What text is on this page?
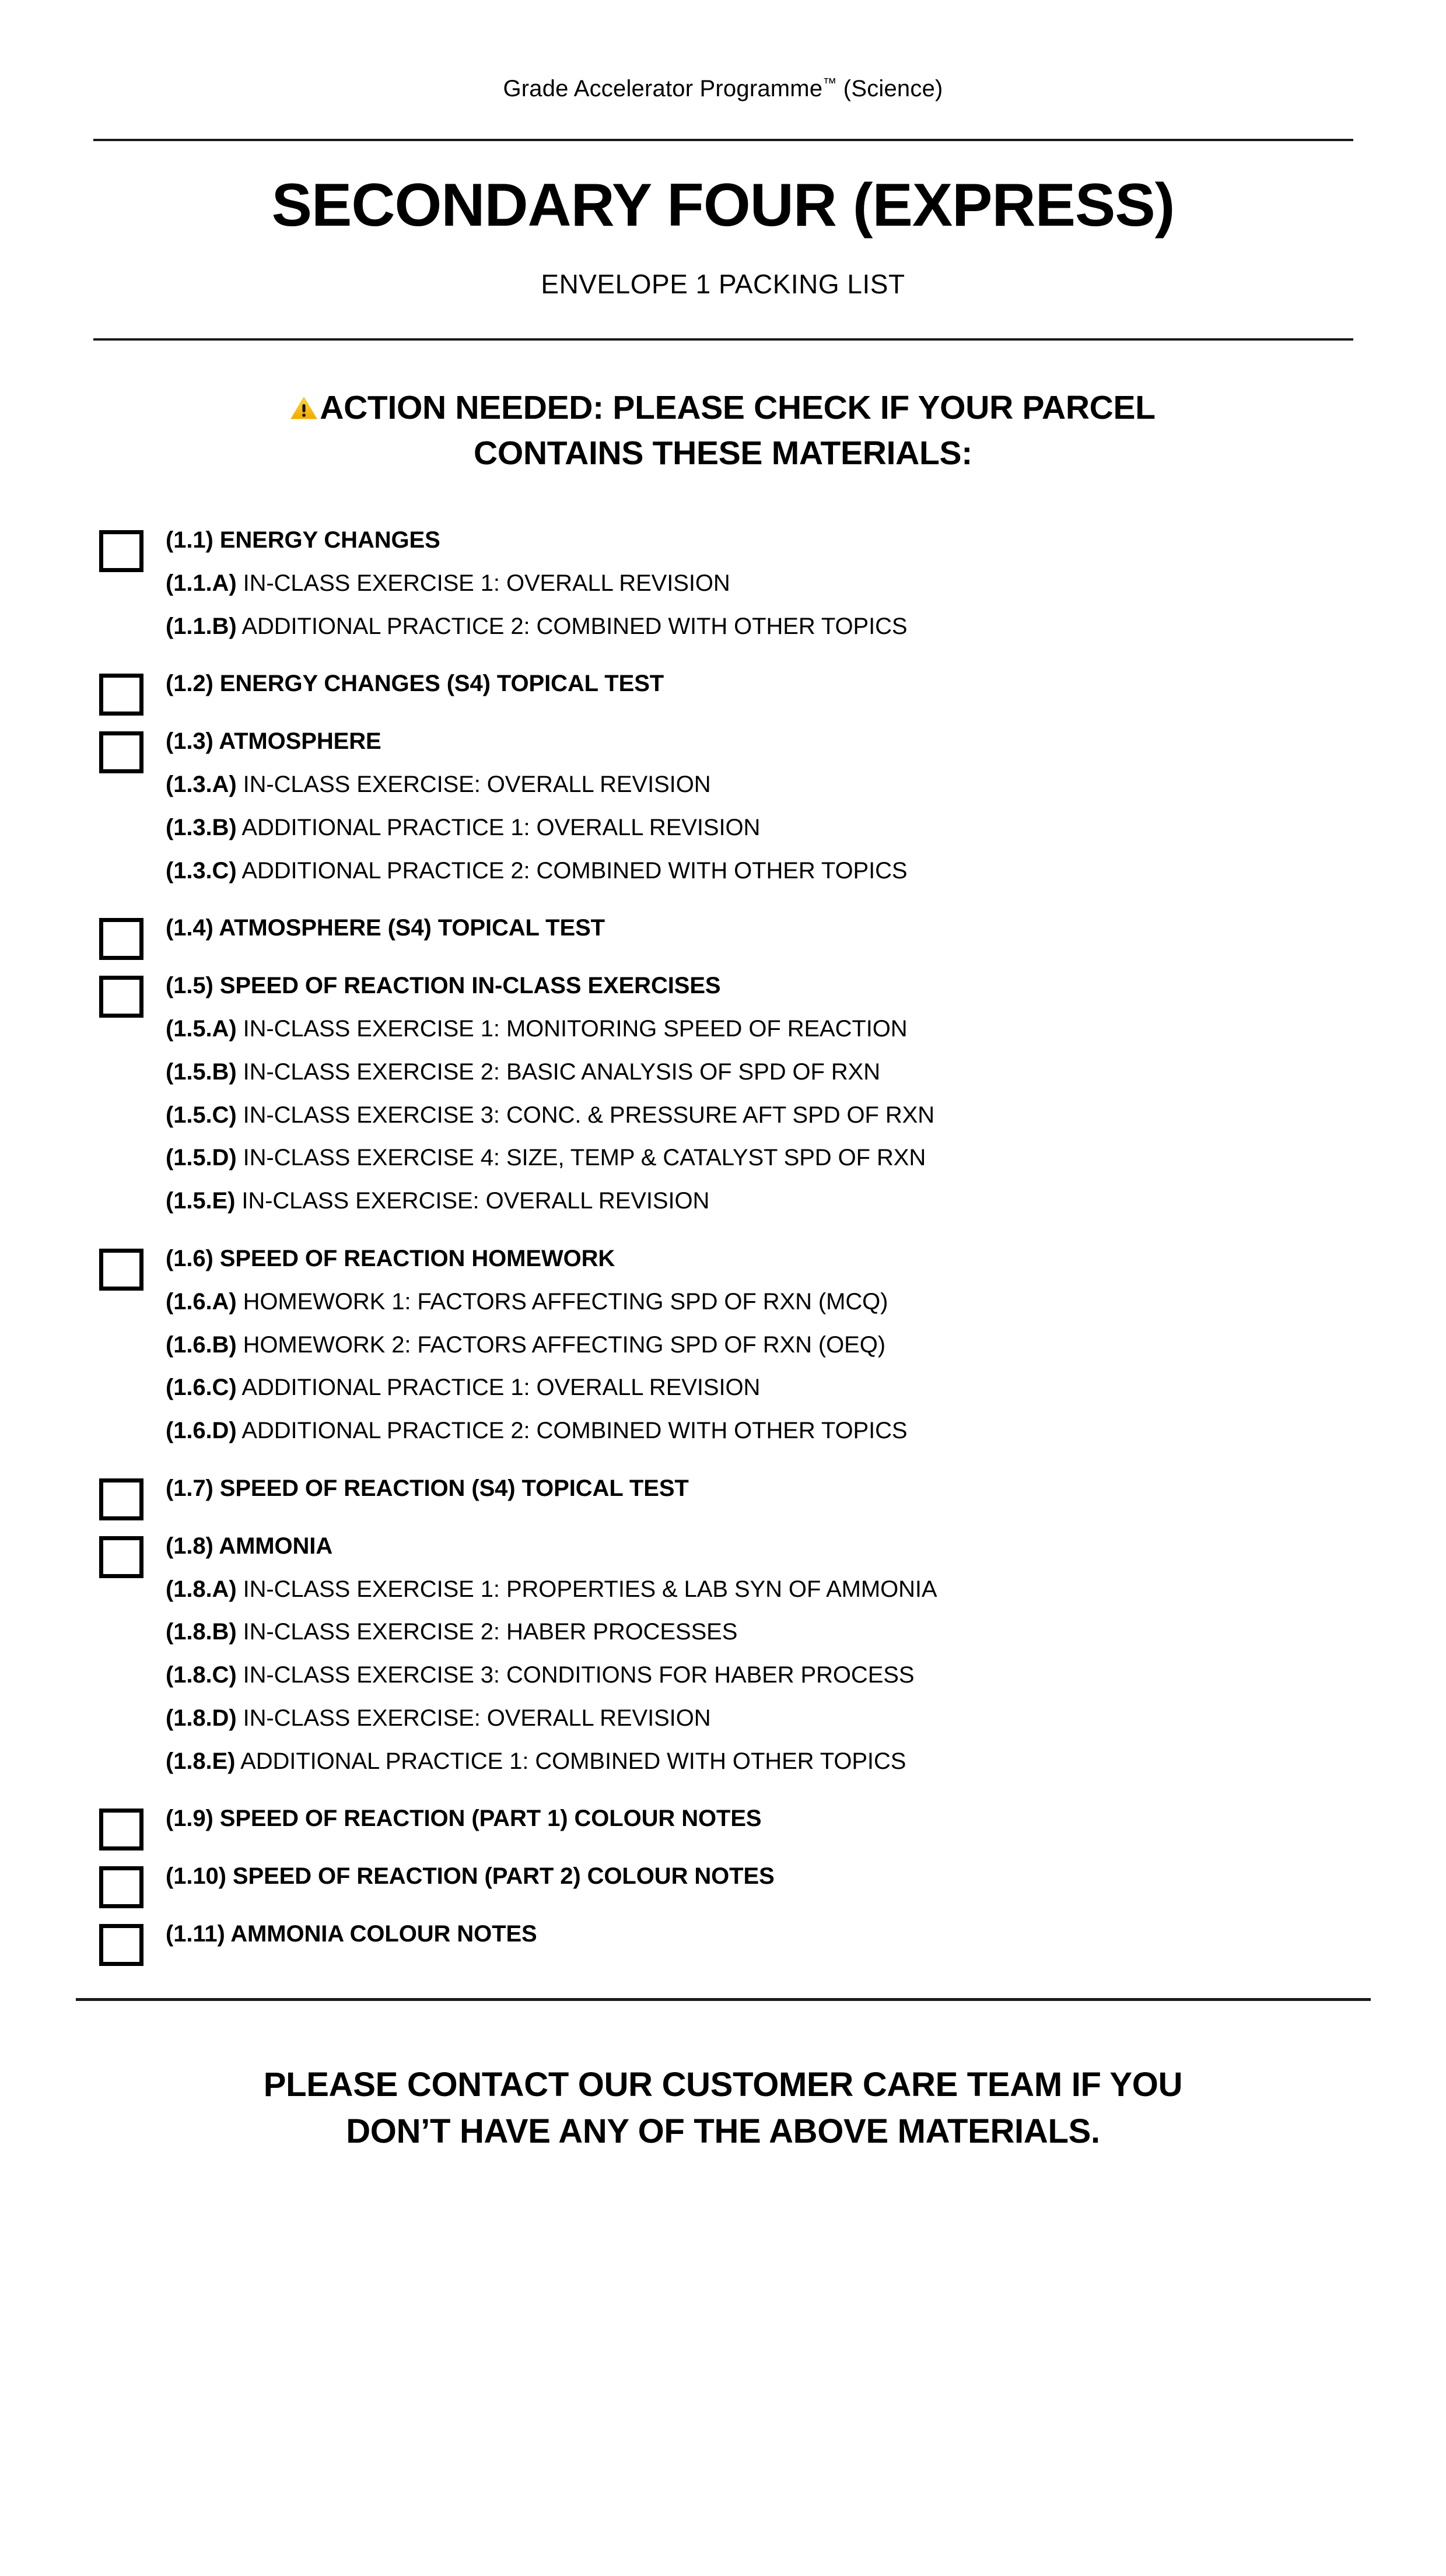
Grade Accelerator Programme™ (Science)
SECONDARY FOUR (EXPRESS)
ENVELOPE 1 PACKING LIST
ACTION NEEDED: PLEASE CHECK IF YOUR PARCEL
CONTAINS THESE MATERIALS:
(1.1) ENERGY CHANGES
(1.1.A) IN-CLASS EXERCISE 1: OVERALL REVISION
(1.1.B) ADDITIONAL PRACTICE 2: COMBINED WITH OTHER TOPICS
(1.2) ENERGY CHANGES (S4) TOPICAL TEST
(1.3) ATMOSPHERE
(1.3.A) IN-CLASS EXERCISE: OVERALL REVISION
(1.3.B) ADDITIONAL PRACTICE 1: OVERALL REVISION
(1.3.C) ADDITIONAL PRACTICE 2: COMBINED WITH OTHER TOPICS
(1.4) ATMOSPHERE (S4) TOPICAL TEST
(1.5) SPEED OF REACTION IN-CLASS EXERCISES
(1.5.A) IN-CLASS EXERCISE 1: MONITORING SPEED OF REACTION
(1.5.B) IN-CLASS EXERCISE 2: BASIC ANALYSIS OF SPD OF RXN
(1.5.C) IN-CLASS EXERCISE 3: CONC. & PRESSURE AFT SPD OF RXN
(1.5.D) IN-CLASS EXERCISE 4: SIZE, TEMP & CATALYST SPD OF RXN
(1.5.E) IN-CLASS EXERCISE: OVERALL REVISION
(1.6) SPEED OF REACTION HOMEWORK
(1.6.A) HOMEWORK 1: FACTORS AFFECTING SPD OF RXN (MCQ)
(1.6.B) HOMEWORK 2: FACTORS AFFECTING SPD OF RXN (OEQ)
(1.6.C) ADDITIONAL PRACTICE 1: OVERALL REVISION
(1.6.D) ADDITIONAL PRACTICE 2: COMBINED WITH OTHER TOPICS
(1.7) SPEED OF REACTION (S4) TOPICAL TEST
(1.8) AMMONIA
(1.8.A) IN-CLASS EXERCISE 1: PROPERTIES & LAB SYN OF AMMONIA
(1.8.B) IN-CLASS EXERCISE 2: HABER PROCESSES
(1.8.C) IN-CLASS EXERCISE 3: CONDITIONS FOR HABER PROCESS
(1.8.D) IN-CLASS EXERCISE: OVERALL REVISION
(1.8.E) ADDITIONAL PRACTICE 1: COMBINED WITH OTHER TOPICS
(1.9) SPEED OF REACTION (PART 1) COLOUR NOTES
(1.10) SPEED OF REACTION (PART 2) COLOUR NOTES
(1.11) AMMONIA COLOUR NOTES
PLEASE CONTACT OUR CUSTOMER CARE TEAM IF YOU
DON’T HAVE ANY OF THE ABOVE MATERIALS.
